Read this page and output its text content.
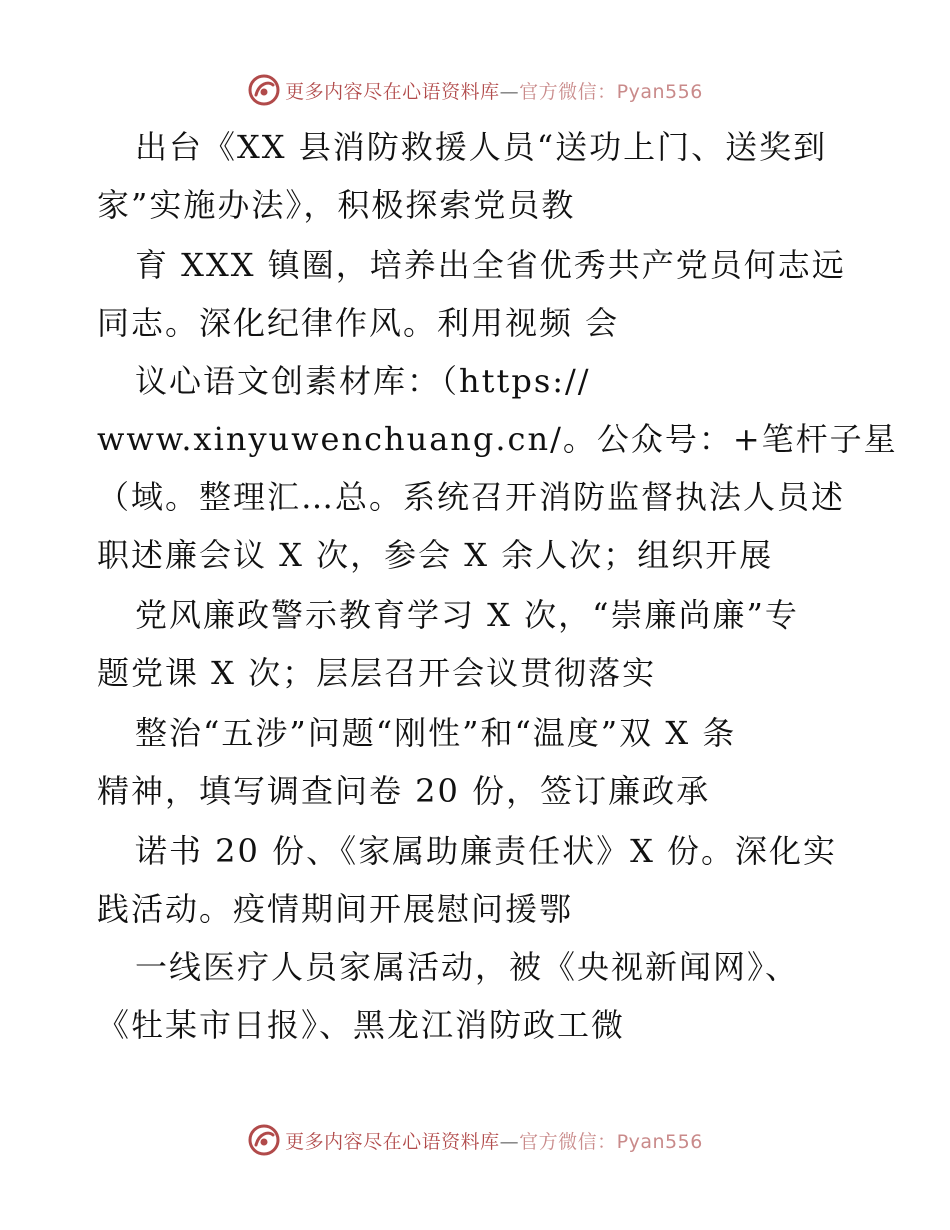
更多内容尽在心语资料库—官方微信：Pyan556
出台《XX 县消防救援人员“送功上门、送奖到
家”实施办法》，积极探索党员教
育 XXX 镇圈，培养出全省优秀共产党员何志远
同志。深化纪律作风。利用视频 会
议心语文创素材库：（https://
www.xinyuwenchuang.cn/。公众号：+笔杆子星
（域。整理汇…总。系统召开消防监督执法人员述
职述廉会议 X 次，参会 X 余人次；组织开展
党风廉政警示教育学习 X 次，“崇廉尚廉”专
题党课 X 次；层层召开会议贯彻落实
整治“五涉”问题“刚性”和“温度”双 X 条
精神，填写调查问卷 20 份，签订廉政承
诺书 20 份、《家属助廉责任状》X 份。深化实
践活动。疫情期间开展慰问援鄂
一线医疗人员家属活动，被《央视新闻网》、
《牡某市日报》、黑龙江消防政工微
更多内容尽在心语资料库—官方微信：Pyan556
